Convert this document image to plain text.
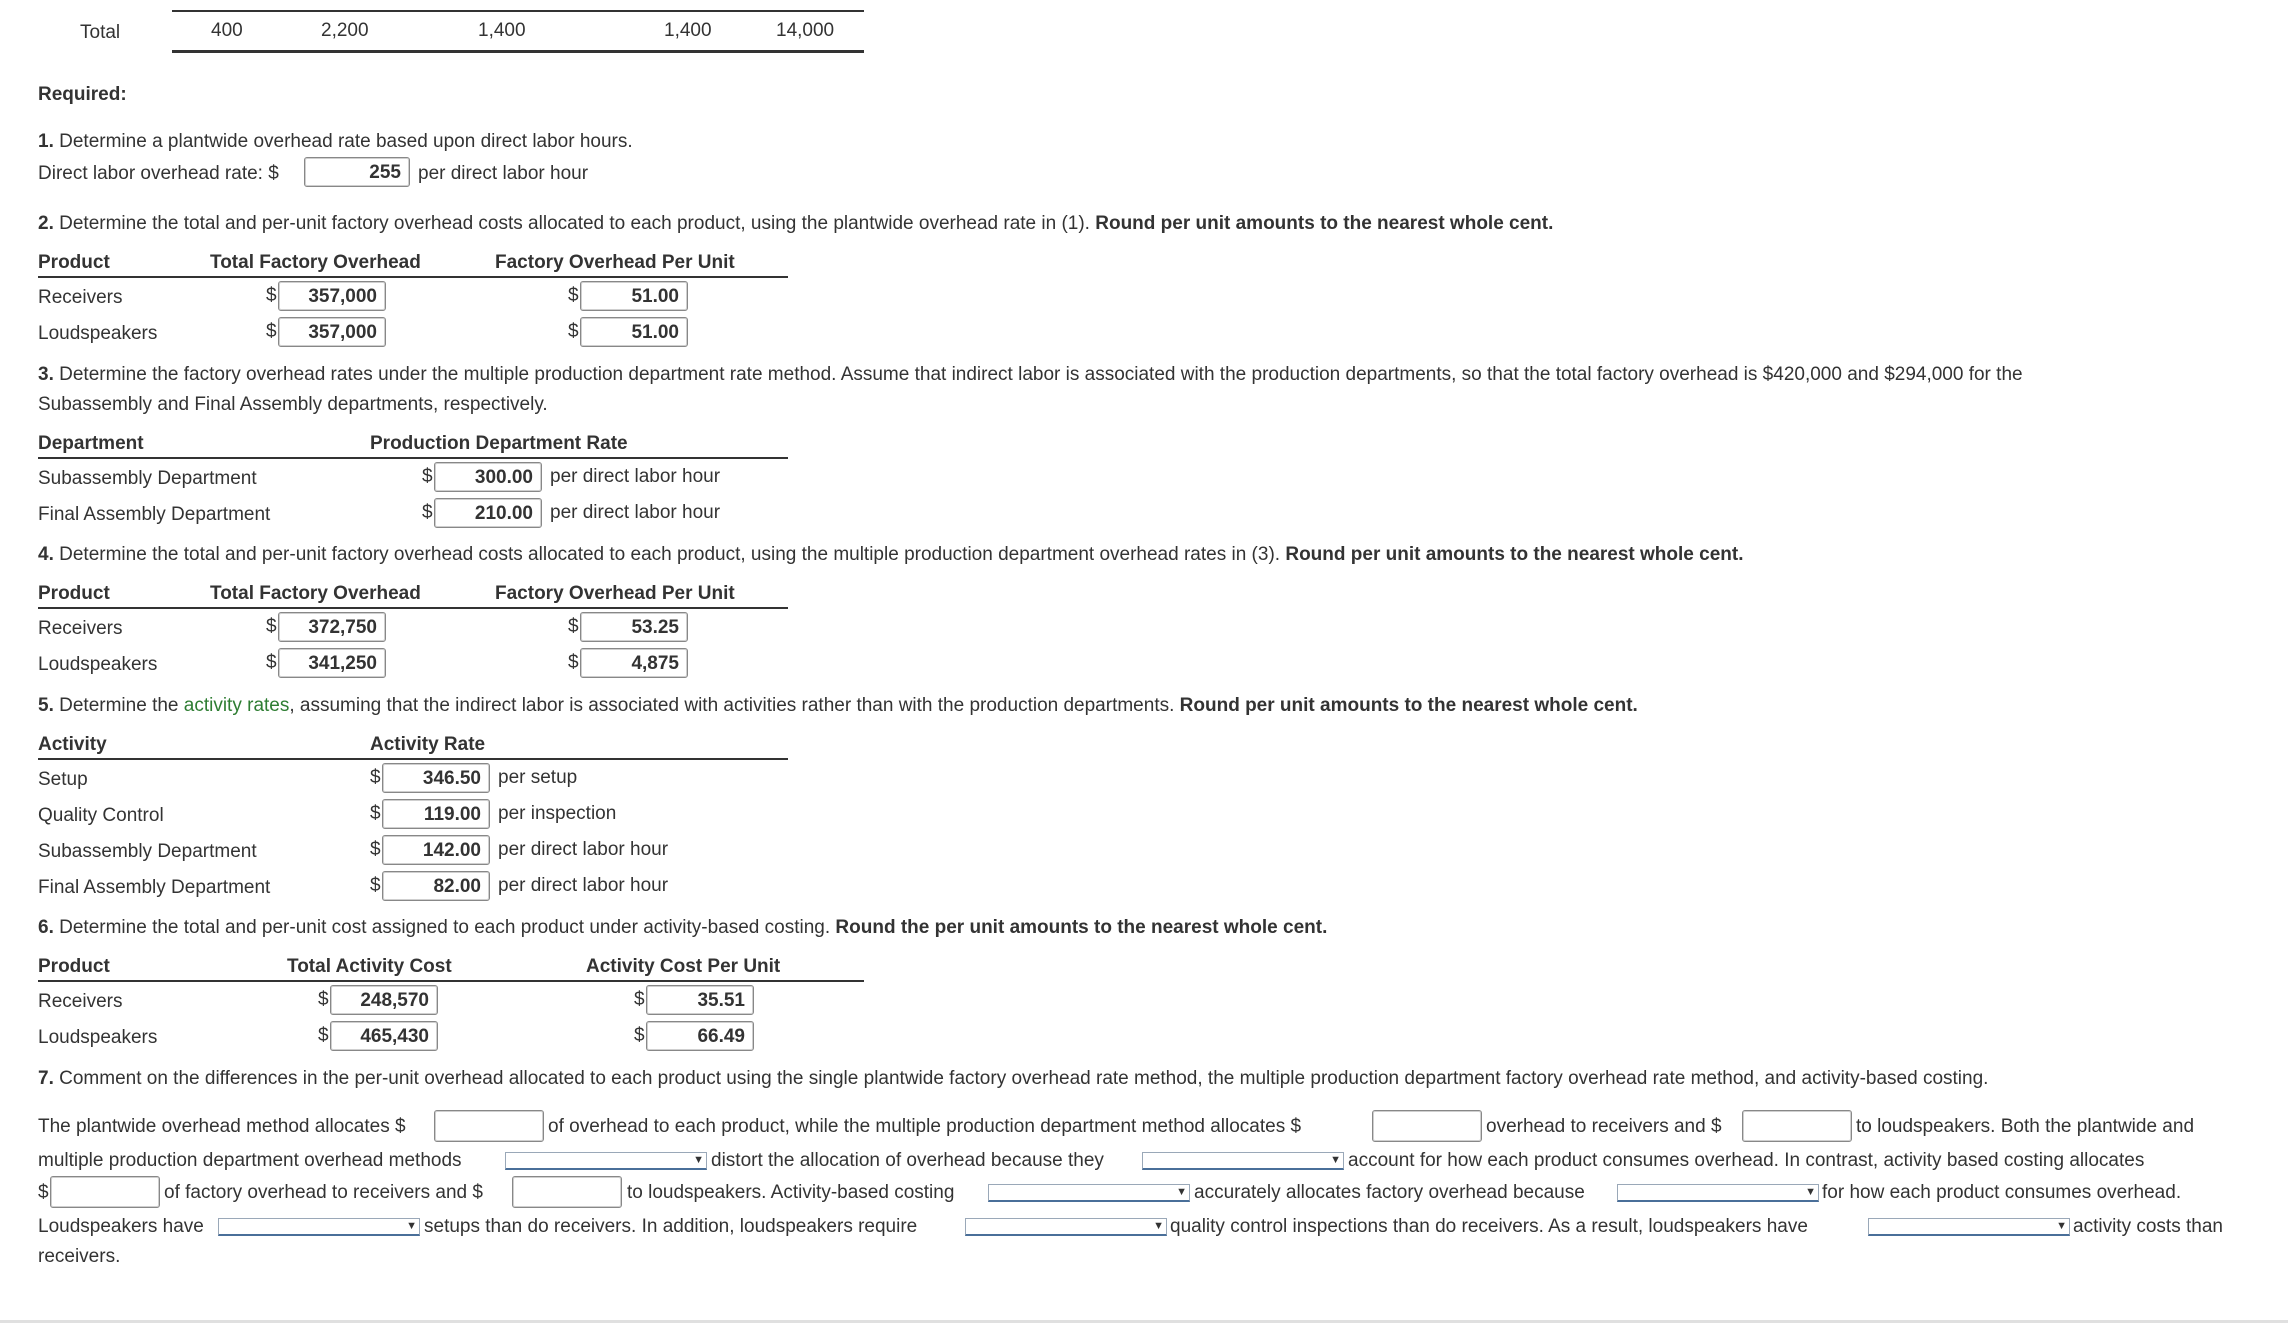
Total	400	2,200	1,400	1,400	14,000
Required:
1. Determine a plantwide overhead rate based upon direct labor hours.
Direct labor overhead rate: $	255 per direct labor hour
2. Determine the total and per-unit factory overhead costs allocated to each product, using the plantwide overhead rate in (1). Round per unit amounts to the nearest whole cent.
Product	Total Factory Overhead	Factory Overhead Per Unit
Receivers	$	357,000	$	51.00
Loudspeakers	$	357,000	$	51.00
3. Determine the factory overhead rates under the multiple production department rate method. Assume that indirect labor is associated with the production departments, so that the total factory overhead is $420,000 and $294,000 for the
Subassembly and Final Assembly departments, respectively.
Department	Production Department Rate
Subassembly Department	$	300.00 per direct labor hour
Final Assembly Department	$	210.00 per direct labor hour
4. Determine the total and per-unit factory overhead costs allocated to each product, using the multiple production department overhead rates in (3). Round per unit amounts to the nearest whole cent.
Product	Total Factory Overhead	Factory Overhead Per Unit
Receivers	$	372,750	$	53.25
Loudspeakers	$	341,250	$	4,875
5. Determine the activity rates, assuming that the indirect labor is associated with activities rather than with the production departments. Round per unit amounts to the nearest whole cent.
Activity	Activity Rate
Setup	$	346.50 per setup
Quality Control	$	119.00 per inspection
Subassembly Department	$	142.00 per direct labor hour
Final Assembly Department	$	82.00 per direct labor hour
6. Determine the total and per-unit cost assigned to each product under activity-based costing. Round the per unit amounts to the nearest whole cent.
Product	Total Activity Cost	Activity Cost Per Unit
Receivers	$	248,570	$	35.51
Loudspeakers	$	465,430	$	66.49
7. Comment on the differences in the per-unit overhead allocated to each product using the single plantwide factory overhead rate method, the multiple production department factory overhead rate method, and activity-based costing.
The plantwide overhead method allocates $	of overhead to each product, while the multiple production department method allocates $	overhead to receivers and $	to loudspeakers. Both the plantwide and
multiple production department overhead methods	▼ distort the allocation of overhead because they	▼ account for how each product consumes overhead. In contrast, activity based costing allocates
$	of factory overhead to receivers and $	to loudspeakers. Activity-based costing	▼ accurately allocates factory overhead because	▼ for how each product consumes overhead.
Loudspeakers have	▼ setups than do receivers. In addition, loudspeakers require	▼ quality control inspections than do receivers. As a result, loudspeakers have	▼ activity costs than
receivers.
